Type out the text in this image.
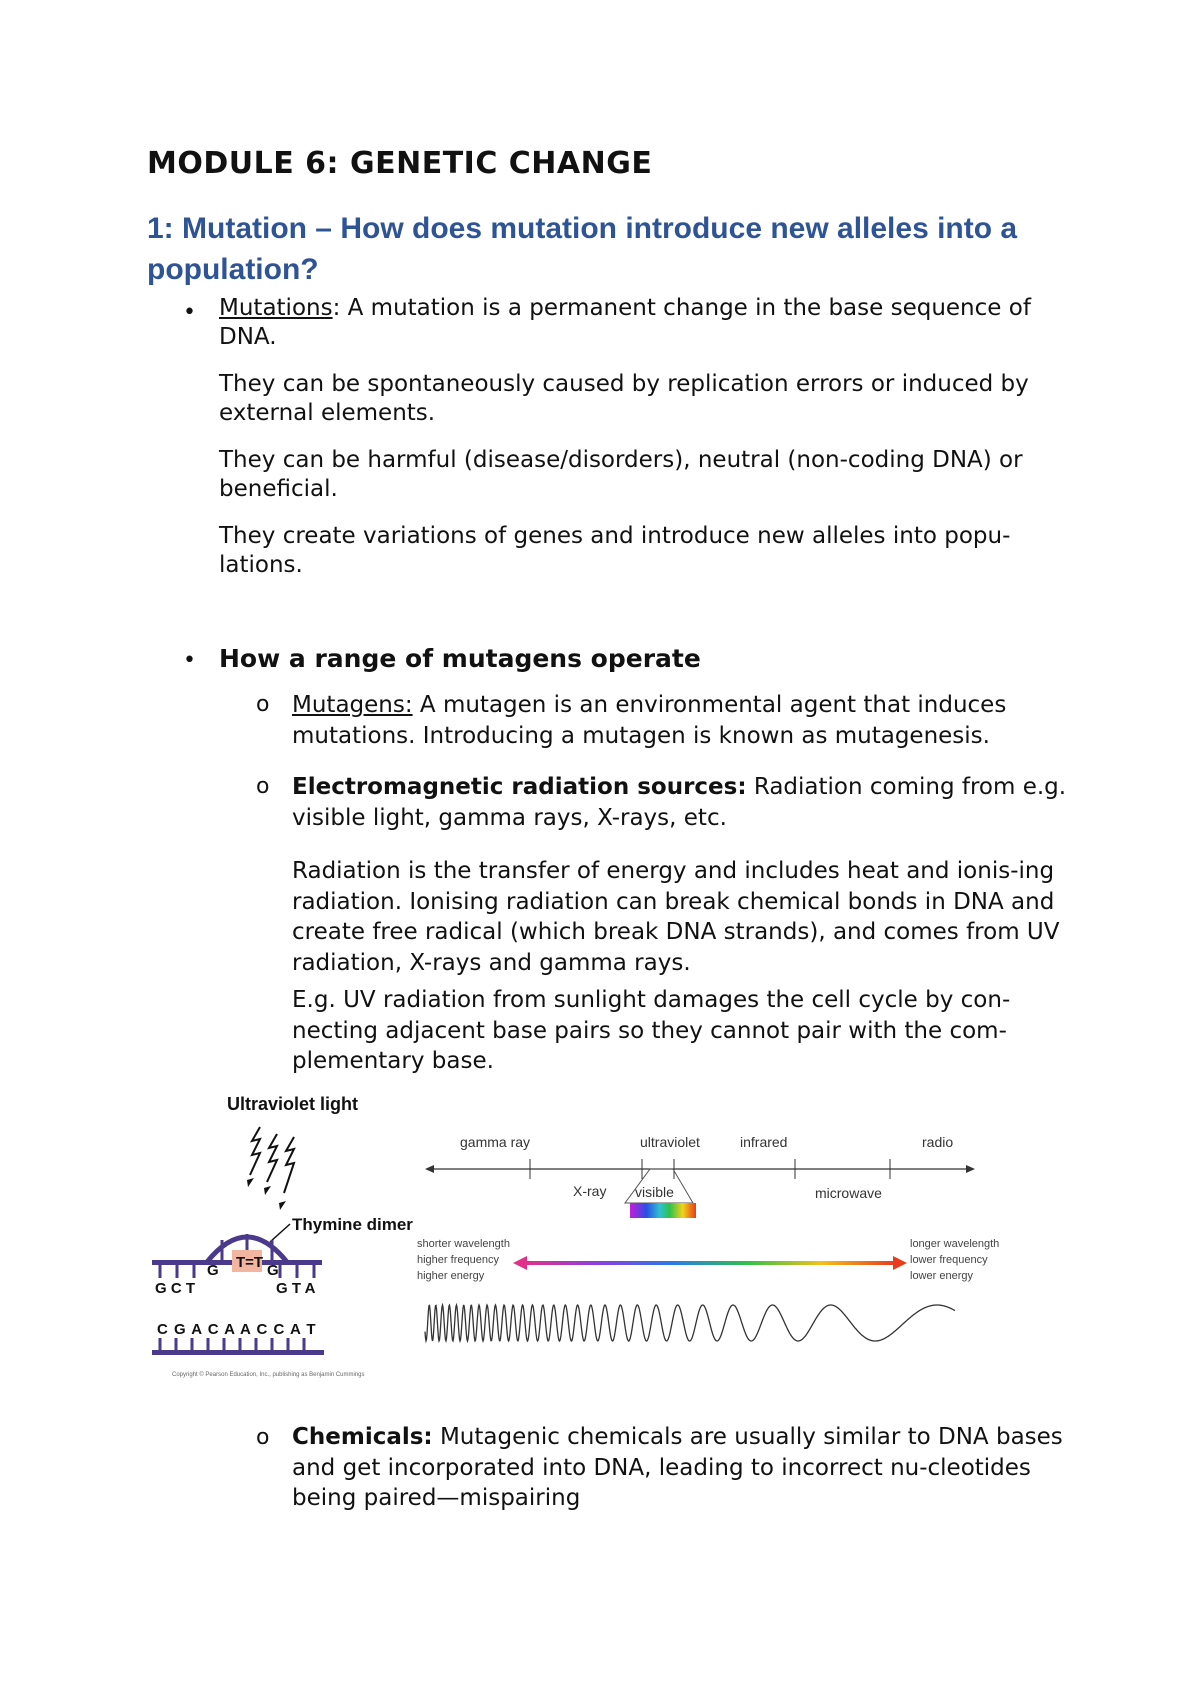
MODULE 6: GENETIC CHANGE
1: Mutation – How does mutation introduce new alleles into a population?
• Mutations: A mutation is a permanent change in the base sequence of DNA.

They can be spontaneously caused by replication errors or induced by external elements.

They can be harmful (disease/disorders), neutral (non-coding DNA) or beneficial.

They create variations of genes and introduce new alleles into popu-lations.

• How a range of mutagens operate
o Mutagens: A mutagen is an environmental agent that induces mutations. Introducing a mutagen is known as mutagenesis.

o Electromagnetic radiation sources: Radiation coming from e.g. visible light, gamma rays, X-rays, etc.

Radiation is the transfer of energy and includes heat and ionis-ing radiation. Ionising radiation can break chemical bonds in DNA and create free radical (which break DNA strands), and comes from UV radiation, X-rays and gamma rays.

E.g. UV radiation from sunlight damages the cell cycle by con-necting adjacent base pairs so they cannot pair with the com-plementary base.

Ultraviolet light
Thymine dimer
T=T
G	G
G C T	G T A
C G A C A A C C A T
Copyright © Pearson Education, Inc., publishing as Benjamin Cummings
gamma ray	ultraviolet	infrared	radio
X-ray	microwave
visible
shorter wavelength
higher frequency
higher energy
longer wavelength
lower frequency
lower energy
o Chemicals: Mutagenic chemicals are usually similar to DNA bases and get incorporated into DNA, leading to incorrect nu-cleotides being paired—mispairing
